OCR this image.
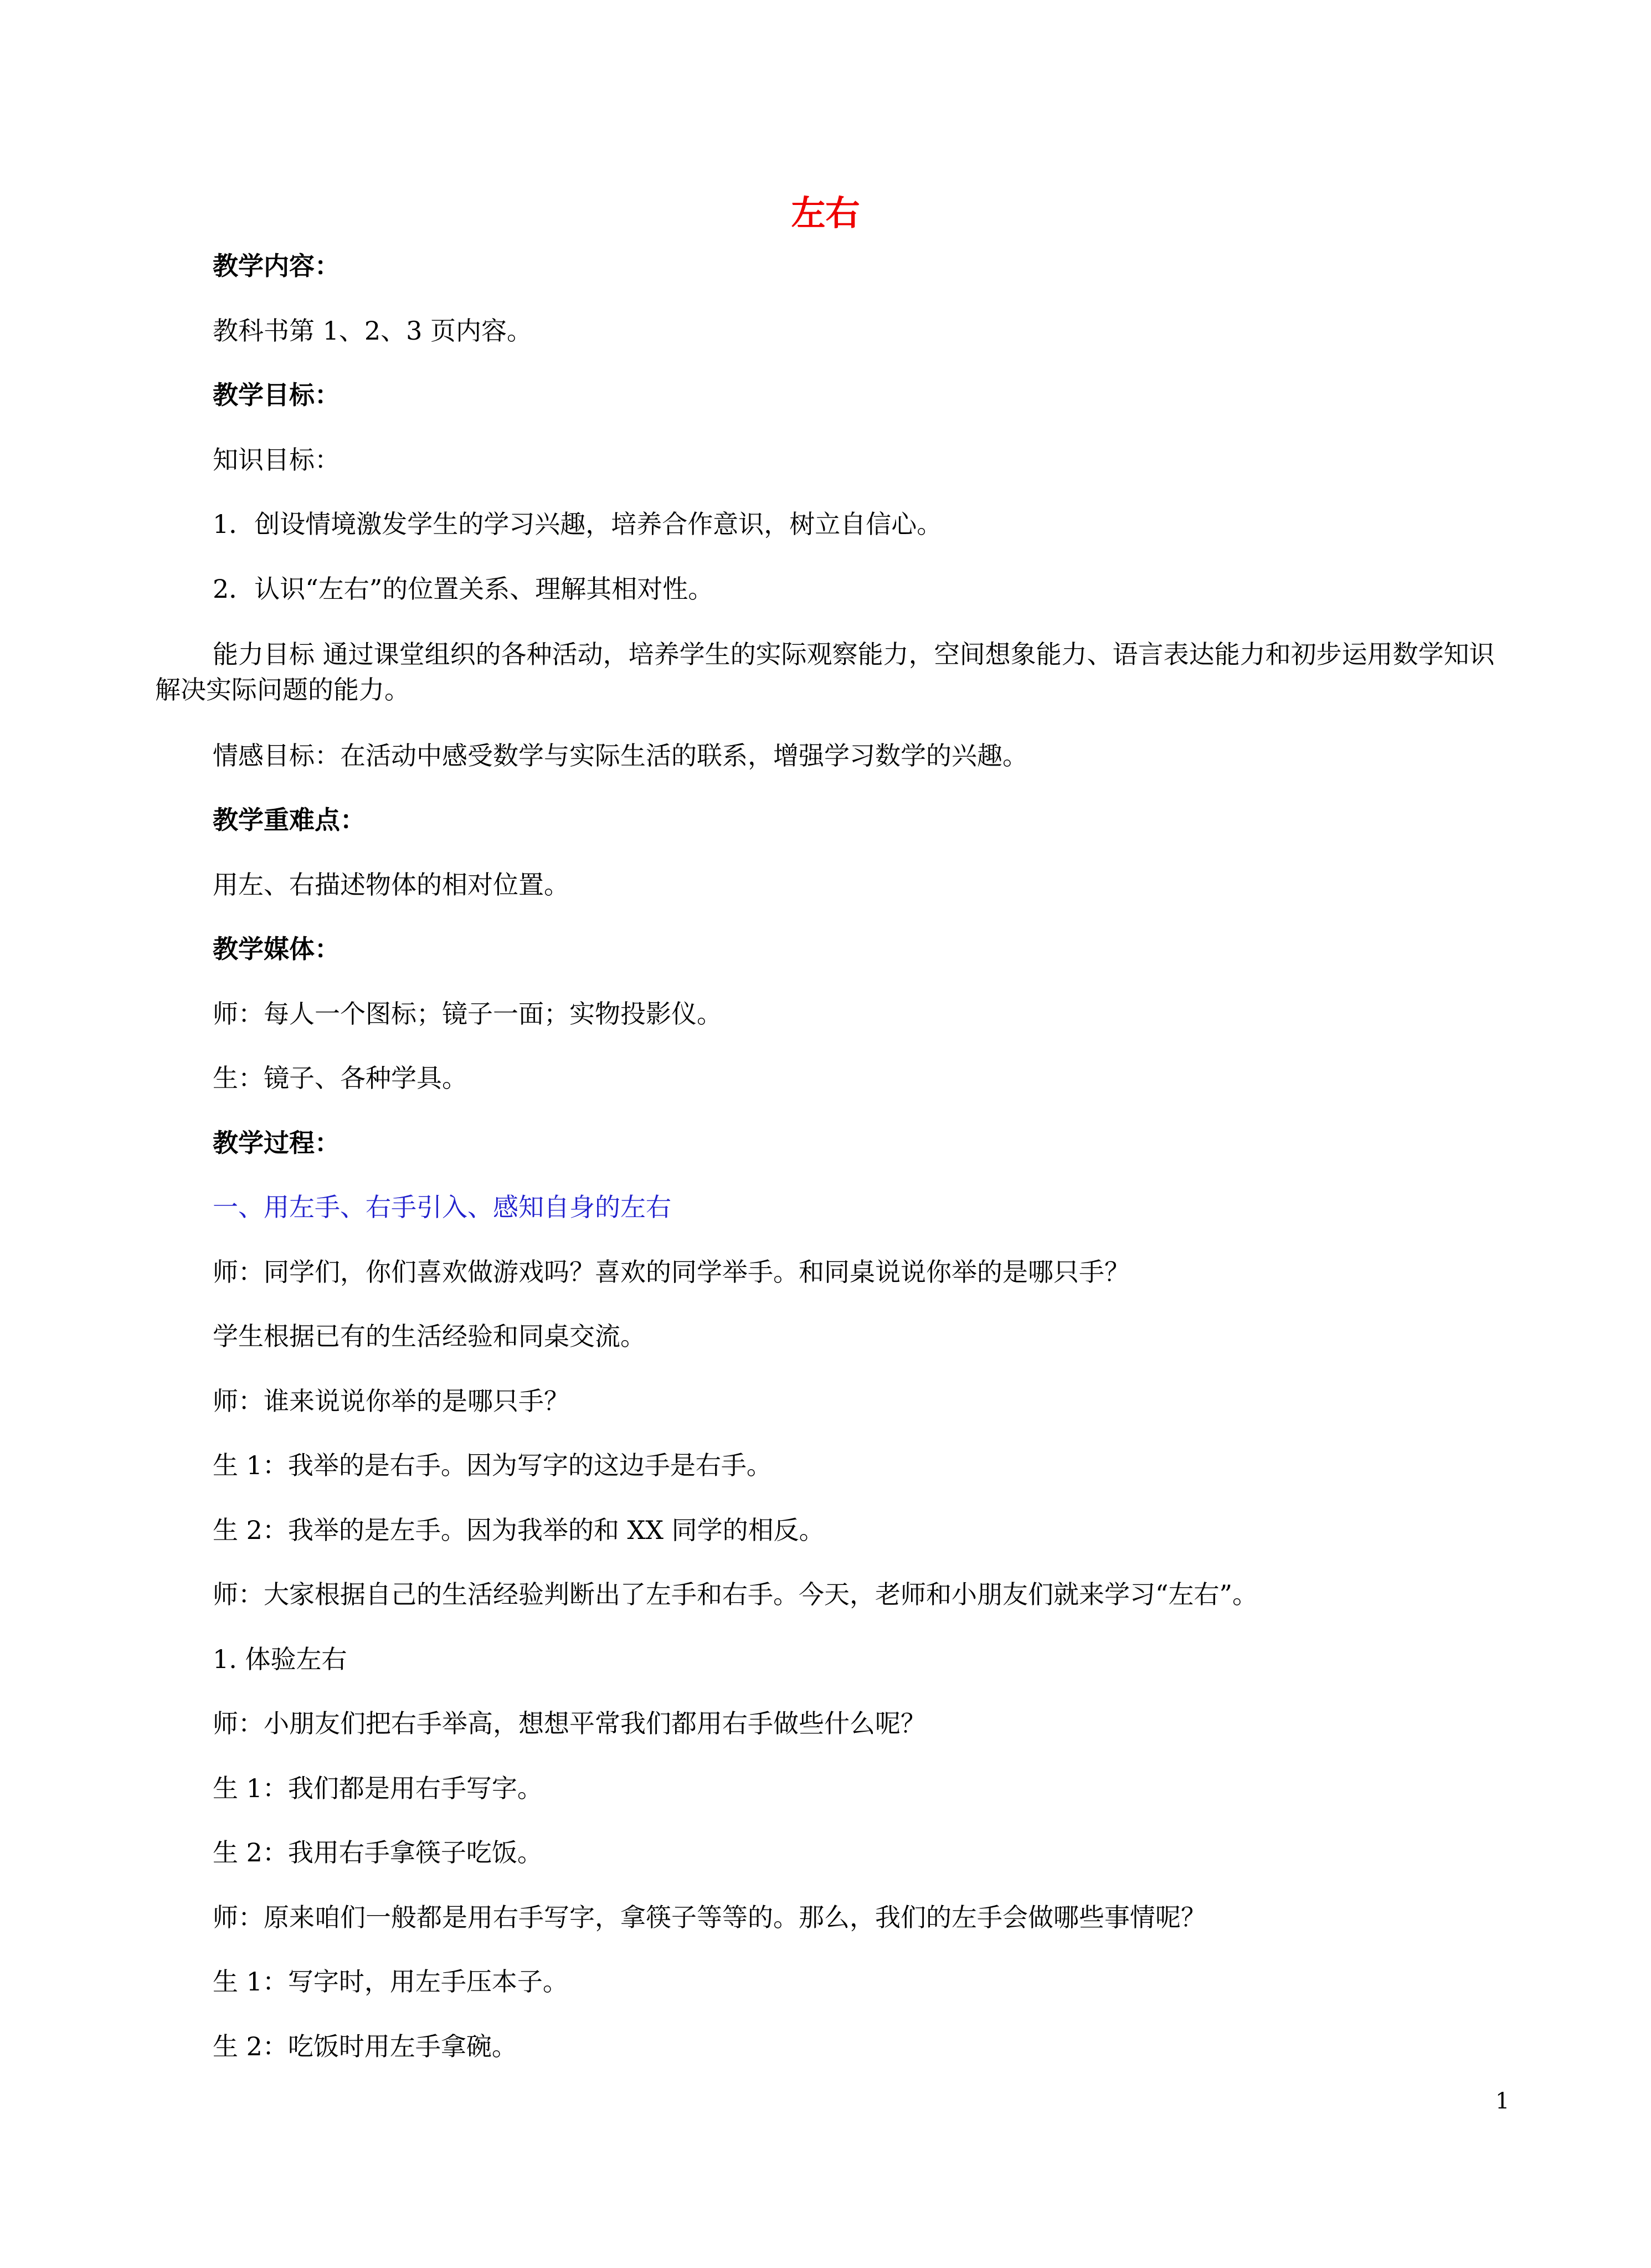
左右

教学内容：

教科书第 1、2、3 页内容。

教学目标：

知识目标：

1．创设情境激发学生的学习兴趣，培养合作意识，树立自信心。

2．认识“左右”的位置关系、理解其相对性。

能力目标 通过课堂组织的各种活动，培养学生的实际观察能力，空间想象能力、语言表达能力和初步运用数学知识解决实际问题的能力。

情感目标：在活动中感受数学与实际生活的联系，增强学习数学的兴趣。

教学重难点：

用左、右描述物体的相对位置。

教学媒体：

师：每人一个图标；镜子一面；实物投影仪。

生：镜子、各种学具。

教学过程：

一、用左手、右手引入、感知自身的左右

师：同学们，你们喜欢做游戏吗？喜欢的同学举手。和同桌说说你举的是哪只手？

学生根据已有的生活经验和同桌交流。

师：谁来说说你举的是哪只手？

生 1：我举的是右手。因为写字的这边手是右手。

生 2：我举的是左手。因为我举的和 XX 同学的相反。

师：大家根据自己的生活经验判断出了左手和右手。今天，老师和小朋友们就来学习“左右”。

1. 体验左右

师：小朋友们把右手举高，想想平常我们都用右手做些什么呢？

生 1：我们都是用右手写字。

生 2：我用右手拿筷子吃饭。

师：原来咱们一般都是用右手写字，拿筷子等等的。那么，我们的左手会做哪些事情呢？

生 1：写字时，用左手压本子。

生 2：吃饭时用左手拿碗。

1
